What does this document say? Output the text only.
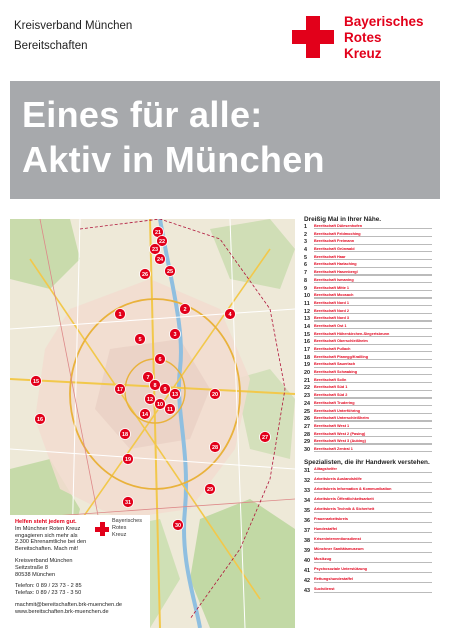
Kreisverband München
Bereitschaften
Bayerisches
Rotes
Kreuz
Eines für alle:
Aktiv in München
21
22
23
24
25
26
1
2
3
4
5
6
7
8
9
10
11
12
13
14
15
16
17
18
19
20
27
28
29
30
31
Helfen steht jedem gut.
Im Münchner Roten Kreuz
engagieren sich mehr als
2.300 Ehrenamtliche bei den
Bereitschaften. Mach mit!
Kreisverband München
Seitzstraße 8
80538 München
Telefon: 0 89 / 23 73 - 2 85
Telefax: 0 89 / 23 73 - 3 50
machmit@bereitschaften.brk-muenchen.de
www.bereitschaften.brk-muenchen.de
Bayerisches
Rotes
Kreuz
Dreißig Mal in Ihrer Nähe.
1	Bereitschaft Dülesenhofen
2	Bereitschaft Feldmoching
3	Bereitschaft Freimann
4	Bereitschaft Grünwald
5	Bereitschaft Haar
6	Bereitschaft Harlaching
7	Bereitschaft Hasenbergl
8	Bereitschaft Ismaning
9	Bereitschaft Mitte 1
10	Bereitschaft Moosach
11	Bereitschaft Nord 1
12	Bereitschaft Nord 2
13	Bereitschaft Nord 3
14	Bereitschaft Ost 1
15	Bereitschaft Höhenkirchen-Siegertsbrunn
16	Bereitschaft Oberschleißheim
17	Bereitschaft Pullach
18	Bereitschaft Planegg/Krailling
19	Bereitschaft Sauerlach
20	Bereitschaft Schwabing
21	Bereitschaft Solln
22	Bereitschaft Süd 1
23	Bereitschaft Süd 2
24	Bereitschaft Trudering
25	Bereitschaft Unterföhring
26	Bereitschaft Unterschleißheim
27	Bereitschaft West 1
28	Bereitschaft West 2 (Pasing)
29	Bereitschaft West 3 (Aubing)
30	Bereitschaft Zentral 1
Spezialisten, die ihr Handwerk verstehen.
31 Alltagshelfer
32 Arbeitskreis Auslandshilfe
33 Arbeitskreis Information & Kommunikation
34 Arbeitskreis Öffentlichkeitsarbeit
35 Arbeitskreis Technik & Sicherheit
36 Frauenarbeitskreis
37 Hundestaffel
38 Kriseninterventionsdienst
39 Münchner Sanitätsmuseum
40 Musikzug
41 Psychosoziale Unterstützung
42 Rettungshundestaffel
43 Suchdienst
